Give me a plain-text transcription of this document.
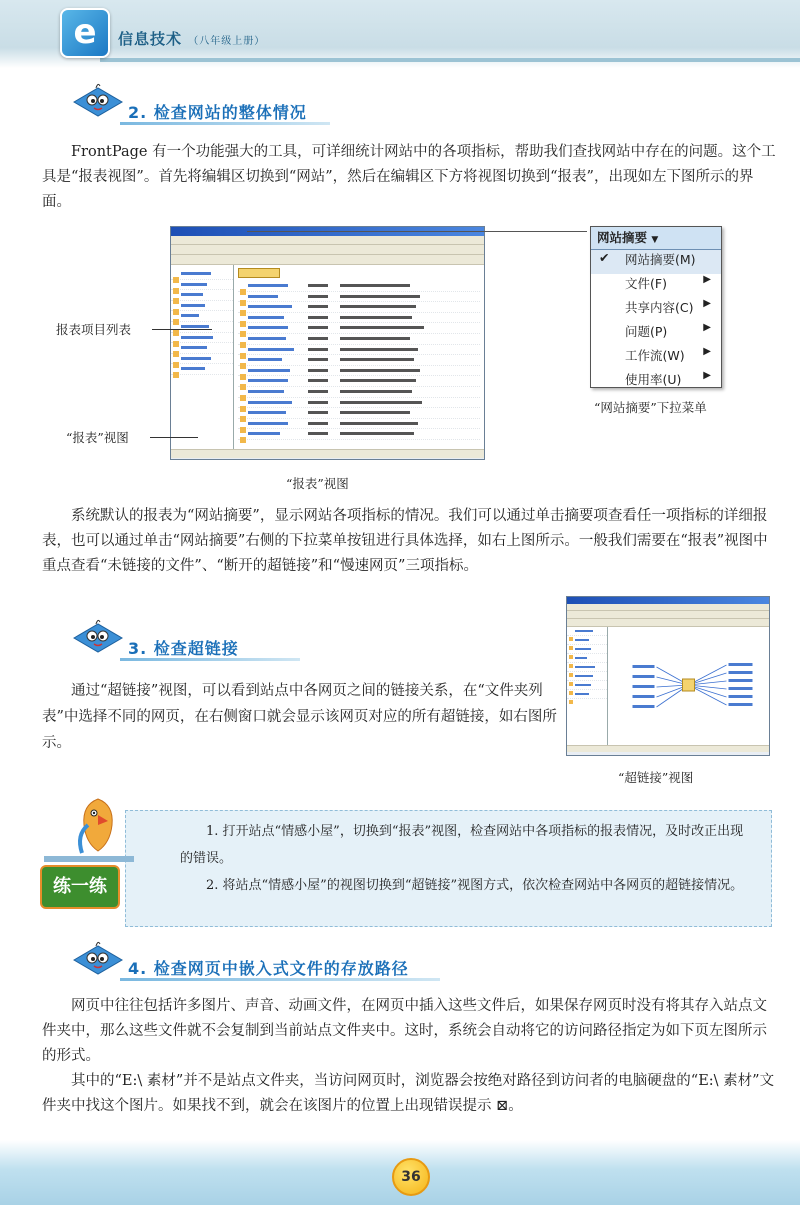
e	信息技术 （八年级上册）
2. 检查网站的整体情况

FrontPage 有一个功能强大的工具，可详细统计网站中的各项指标，帮助我们查找网站中存在的问题。这个工具是“报表视图”。首先将编辑区切换到“网站”，然后在编辑区下方将视图切换到“报表”，出现如左下图所示的界面。

报表项目列表
“报表”视图
“报表”视图
网站摘要 ▼
✔ 网站摘要(M)
文件(F)	▶
共享内容(C) ▶
问题(P)	▶
工作流(W) ▶
使用率(U) ▶
“网站摘要”下拉菜单

系统默认的报表为“网站摘要”，显示网站各项指标的情况。我们可以通过单击摘要项查看任一项指标的详细报表，也可以通过单击“网站摘要”右侧的下拉菜单按钮进行具体选择，如右上图所示。一般我们需要在“报表”视图中重点查看“未链接的文件”、“断开的超链接”和“慢速网页”三项指标。

3. 检查超链接

通过“超链接”视图，可以看到站点中各网页之间的链接关系，在“文件夹列表”中选择不同的网页，在右侧窗口就会显示该网页对应的所有超链接，如右图所示。

“超链接”视图
练一练

1. 打开站点“情感小屋”，切换到“报表”视图，检查网站中各项指标的报表情况，及时改正出现的错误。

2. 将站点“情感小屋”的视图切换到“超链接”视图方式，依次检查网站中各网页的超链接情况。

4. 检查网页中嵌入式文件的存放路径

网页中往往包括许多图片、声音、动画文件，在网页中插入这些文件后，如果保存网页时没有将其存入站点文件夹中，那么这些文件就不会复制到当前站点文件夹中。这时，系统会自动将它的访问路径指定为如下页左图所示的形式。

其中的“E:\ 素材”并不是站点文件夹，当访问网页时，浏览器会按绝对路径到访问者的电脑硬盘的“E:\ 素材”文件夹中找这个图片。如果找不到，就会在该图片的位置上出现错误提示 ⊠。

36
